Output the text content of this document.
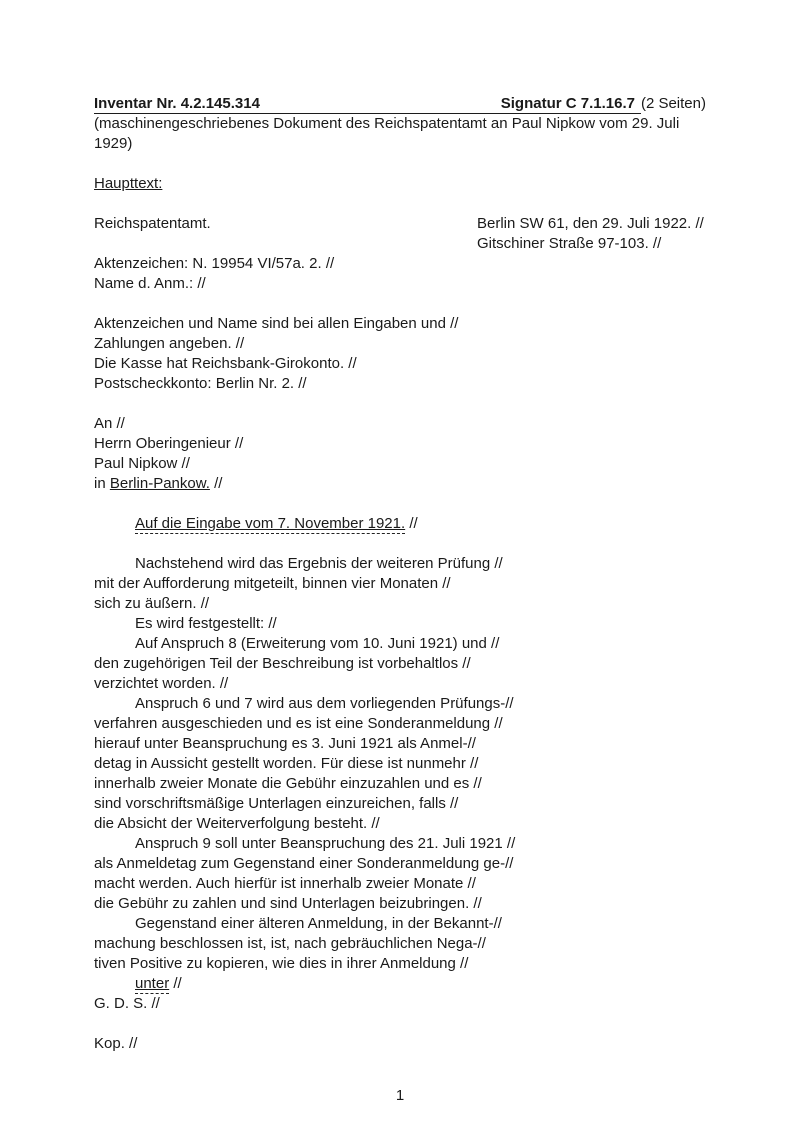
Inventar Nr. 4.2.145.314	Signatur C 7.1.16.7 (2 Seiten)
(maschinengeschriebenes Dokument des Reichspatentamt an Paul Nipkow vom 29. Juli
1929)
Haupttext:
Reichspatentamt.	Berlin SW 61, den 29. Juli 1922. //
Gitschiner Straße 97-103. //
Aktenzeichen: N. 19954 VI/57a. 2. //
Name d. Anm.: //
Aktenzeichen und Name sind bei allen Eingaben und //
Zahlungen angeben. //
Die Kasse hat Reichsbank-Girokonto. //
Postscheckkonto: Berlin Nr. 2. //
An //
Herrn Oberingenieur //
Paul Nipkow //
in Berlin-Pankow. //
Auf die Eingabe vom 7. November 1921. //
Nachstehend wird das Ergebnis der weiteren Prüfung //
mit der Aufforderung mitgeteilt, binnen vier Monaten //
sich zu äußern. //
Es wird festgestellt: //
Auf Anspruch 8 (Erweiterung vom 10. Juni 1921) und //
den zugehörigen Teil der Beschreibung ist vorbehaltlos //
verzichtet worden. //
Anspruch 6 und 7 wird aus dem vorliegenden Prüfungs-//
verfahren ausgeschieden und es ist eine Sonderanmeldung //
hierauf unter Beanspruchung es 3. Juni 1921 als Anmel-//
detag in Aussicht gestellt worden. Für diese ist nunmehr //
innerhalb zweier Monate die Gebühr einzuzahlen und es //
sind vorschriftsmäßige Unterlagen einzureichen, falls //
die Absicht der Weiterverfolgung besteht. //
Anspruch 9 soll unter Beanspruchung des 21. Juli 1921 //
als Anmeldetag zum Gegenstand einer Sonderanmeldung ge-//
macht werden. Auch hierfür ist innerhalb zweier Monate //
die Gebühr zu zahlen und sind Unterlagen beizubringen. //
Gegenstand einer älteren Anmeldung, in der Bekannt-//
machung beschlossen ist, ist, nach gebräuchlichen Nega-//
tiven Positive zu kopieren, wie dies in ihrer Anmeldung //
unter //
G. D. S. //
Kop. //
1
